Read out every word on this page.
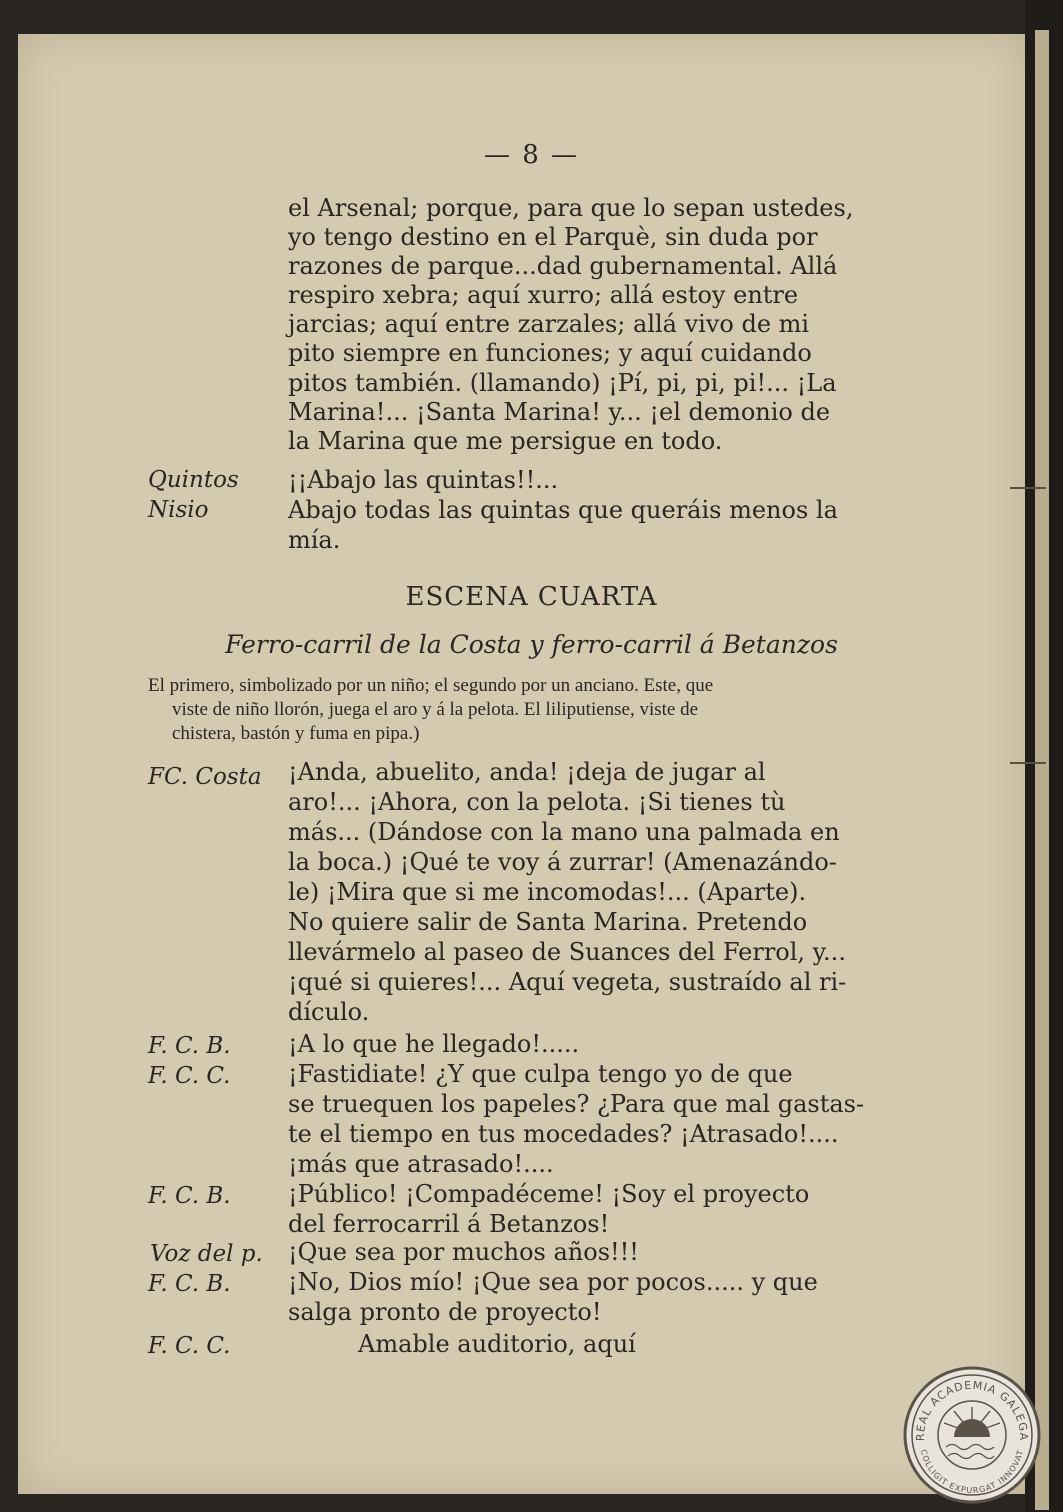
— 8 —
el Arsenal; porque, para que lo sepan ustedes,
yo tengo destino en el Parquè, sin duda por
razones de parque...dad gubernamental. Allá
respiro xebra; aquí xurro; allá estoy entre
jarcias; aquí entre zarzales; allá vivo de mi
pito siempre en funciones; y aquí cuidando
pitos también. (llamando) ¡Pí, pi, pi, pi!... ¡La
Marina!... ¡Santa Marina! y... ¡el demonio de
la Marina que me persigue en todo.
Quintos ¡¡Abajo las quintas!!...
Nisio	Abajo todas las quintas que queráis menos la
mía.
ESCENA CUARTA
Ferro-carril de la Costa y ferro-carril á Betanzos
El primero, simbolizado por un niño; el segundo por un anciano. Este, que
viste de niño llorón, juega el aro y á la pelota. El liliputiense, viste de
chistera, bastón y fuma en pipa.)
FC. Costa ¡Anda, abuelito, anda! ¡deja de jugar al
aro!... ¡Ahora, con la pelota. ¡Si tienes tù
más... (Dándose con la mano una palmada en
la boca.) ¡Qué te voy á zurrar! (Amenazándo-
le) ¡Mira que si me incomodas!... (Aparte).
No quiere salir de Santa Marina. Pretendo
llevármelo al paseo de Suances del Ferrol, y...
¡qué si quieres!... Aquí vegeta, sustraído al ri-
dículo.
F. C. B. ¡A lo que he llegado!.....
F. C. C. ¡Fastidiate! ¿Y que culpa tengo yo de que
se truequen los papeles? ¿Para que mal gastas-
te el tiempo en tus mocedades? ¡Atrasado!....
¡más que atrasado!....
F. C. B. ¡Público! ¡Compadéceme! ¡Soy el proyecto
del ferrocarril á Betanzos!
Voz del p. ¡Que sea por muchos años!!!
F. C. B. ¡No, Dios mío! ¡Que sea por pocos..... y que
salga pronto de proyecto!
F. C. C.	Amable auditorio, aquí
REAL ACADEMIA GALEGA
COLLIGIT EXPURGAT INNOVAT
